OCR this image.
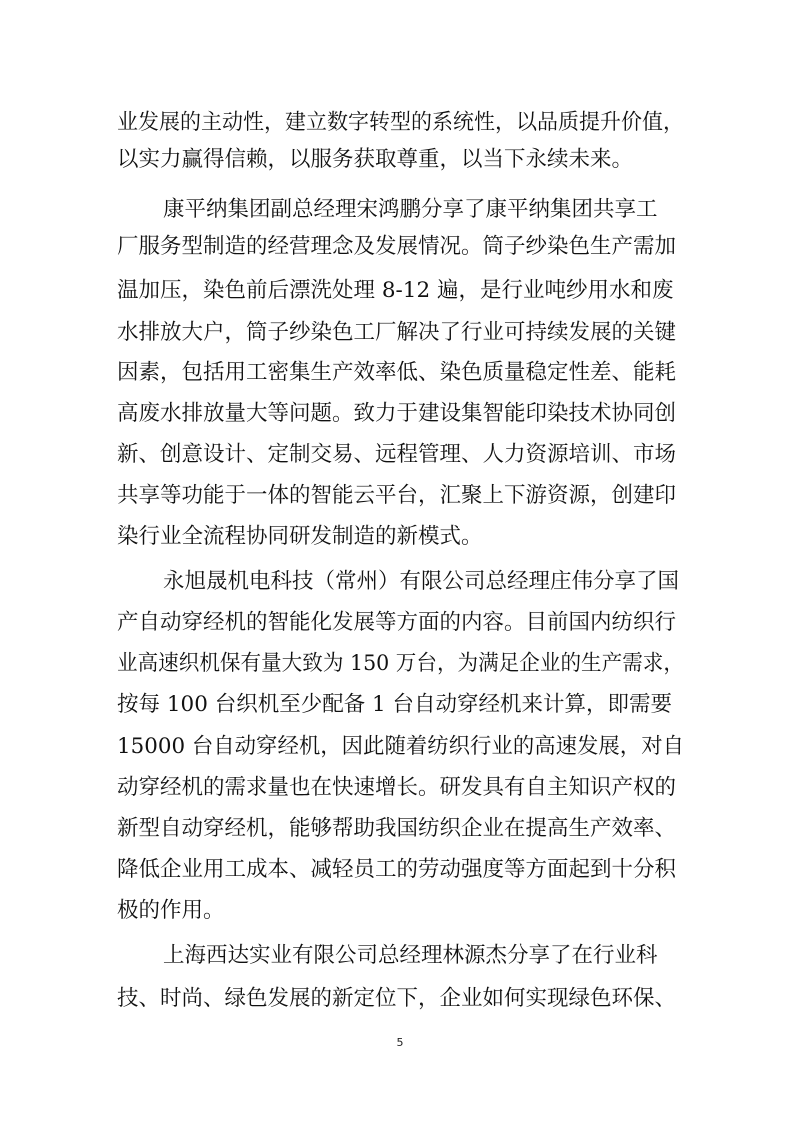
业发展的主动性，建立数字转型的系统性，以品质提升价值，
以实力赢得信赖，以服务获取尊重，以当下永续未来。
康平纳集团副总经理宋鸿鹏分享了康平纳集团共享工
厂服务型制造的经营理念及发展情况。筒子纱染色生产需加
温加压，染色前后漂洗处理 8-12 遍，是行业吨纱用水和废
水排放大户，筒子纱染色工厂解决了行业可持续发展的关键
因素，包括用工密集生产效率低、染色质量稳定性差、能耗
高废水排放量大等问题。致力于建设集智能印染技术协同创
新、创意设计、定制交易、远程管理、人力资源培训、市场
共享等功能于一体的智能云平台，汇聚上下游资源，创建印
染行业全流程协同研发制造的新模式。
永旭晟机电科技（常州）有限公司总经理庄伟分享了国
产自动穿经机的智能化发展等方面的内容。目前国内纺织行
业高速织机保有量大致为 150 万台，为满足企业的生产需求，
按每 100 台织机至少配备 1 台自动穿经机来计算，即需要
15000 台自动穿经机，因此随着纺织行业的高速发展，对自
动穿经机的需求量也在快速增长。研发具有自主知识产权的
新型自动穿经机，能够帮助我国纺织企业在提高生产效率、
降低企业用工成本、减轻员工的劳动强度等方面起到十分积
极的作用。
上海西达实业有限公司总经理林源杰分享了在行业科
技、时尚、绿色发展的新定位下，企业如何实现绿色环保、
5
